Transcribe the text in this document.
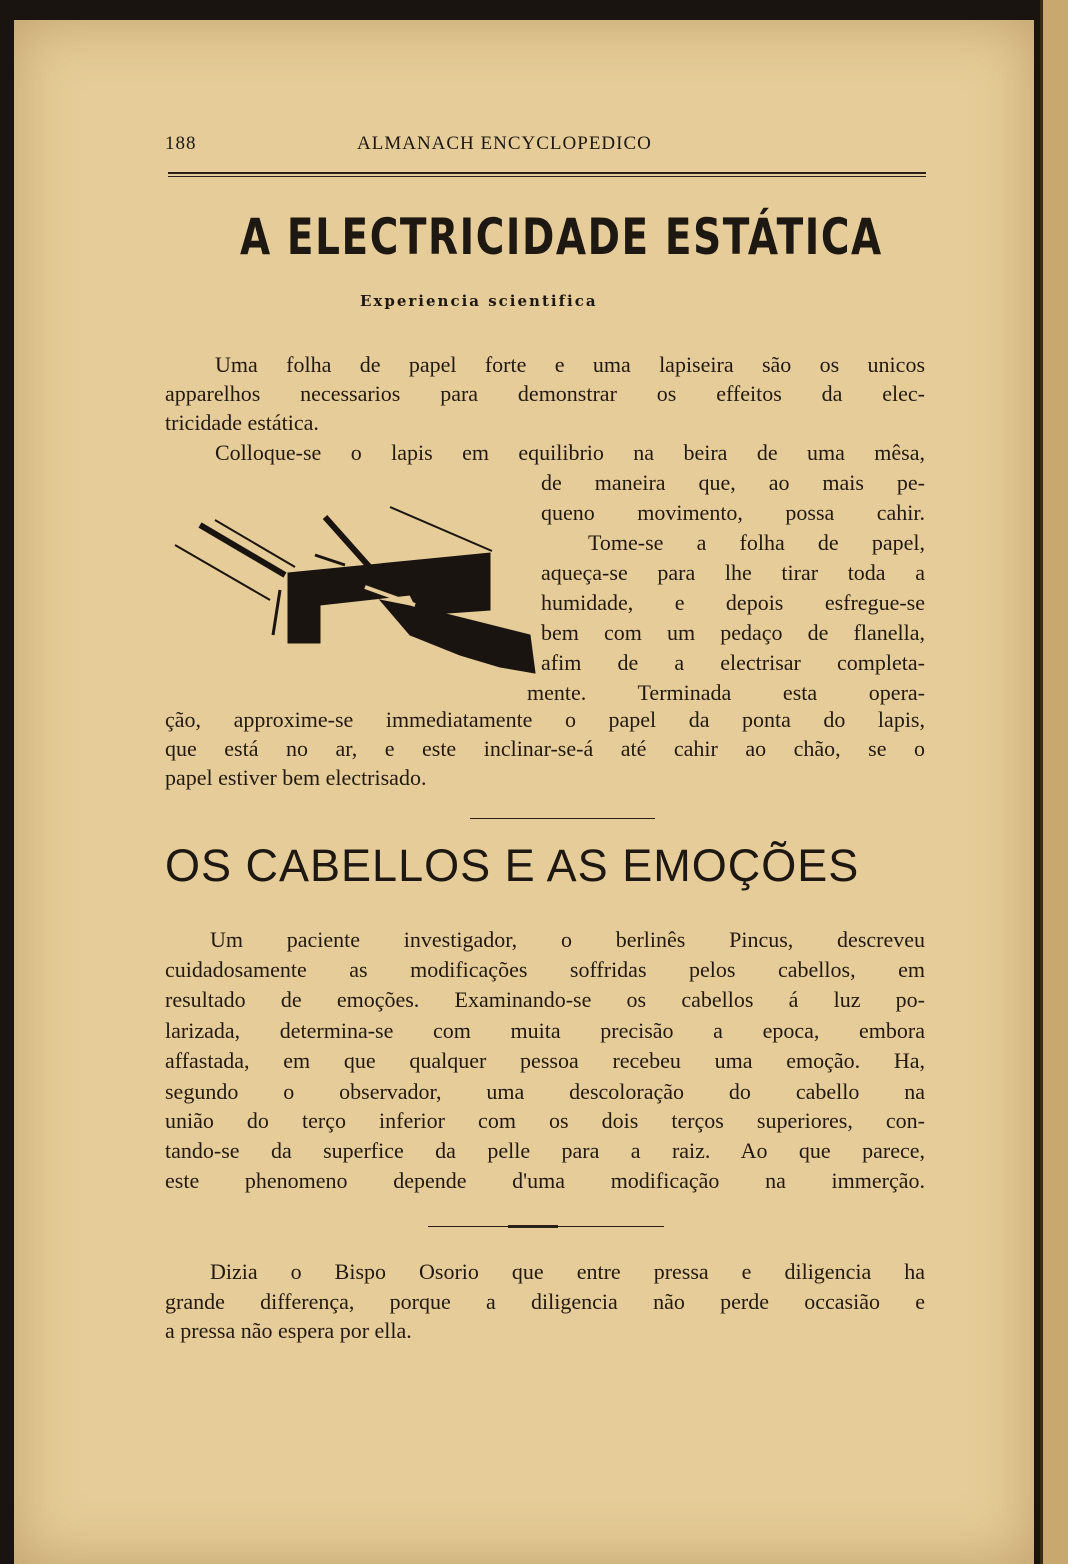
188	ALMANACH ENCYCLOPEDICO
A ELECTRICIDADE ESTÁTICA
Experiencia scientifica
Uma folha de papel forte e uma lapiseira são os unicos
apparelhos necessarios para demonstrar os effeitos da elec-
tricidade estática.
Colloque-se o lapis em equilibrio na beira de uma mêsa,
de maneira que, ao mais pe-
queno movimento, possa cahir.
Tome-se a folha de papel,
aqueça-se para lhe tirar toda a
humidade, e depois esfregue-se
bem com um pedaço de flanella,
afim de a electrisar completa-
mente. Terminada esta opera-
ção, approxime-se immediatamente o papel da ponta do lapis,
que está no ar, e este inclinar-se-á até cahir ao chão, se o
papel estiver bem electrisado.
OS CABELLOS E AS EMOÇÕES
Um paciente investigador, o berlinês Pincus, descreveu
cuidadosamente as modificações soffridas pelos cabellos, em
resultado de emoções. Examinando-se os cabellos á luz po-
larizada, determina-se com muita precisão a epoca, embora
affastada, em que qualquer pessoa recebeu uma emoção. Ha,
segundo o observador, uma descoloração do cabello na
união do terço inferior com os dois terços superiores, con-
tando-se da superfice da pelle para a raiz. Ao que parece,
este phenomeno depende d'uma modificação na immerção.
Dizia o Bispo Osorio que entre pressa e diligencia ha
grande differença, porque a diligencia não perde occasião e
a pressa não espera por ella.
